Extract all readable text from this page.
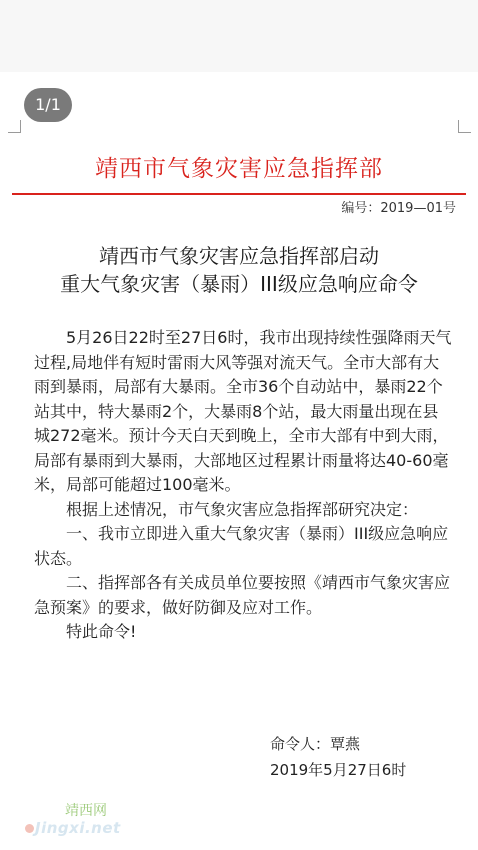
1/1
靖西市气象灾害应急指挥部
编号：2019—01号
靖西市气象灾害应急指挥部启动
重大气象灾害（暴雨）III级应急响应命令

5月26日22时至27日6时，我市出现持续性强降雨天气过程,局地伴有短时雷雨大风等强对流天气。全市大部有大雨到暴雨，局部有大暴雨。全市36个自动站中，暴雨22个站其中，特大暴雨2个，大暴雨8个站，最大雨量出现在县城272毫米。预计今天白天到晚上，全市大部有中到大雨，局部有暴雨到大暴雨，大部地区过程累计雨量将达40-60毫米，局部可能超过100毫米。

根据上述情况，市气象灾害应急指挥部研究决定：

一、我市立即进入重大气象灾害（暴雨）III级应急响应状态。

二、指挥部各有关成员单位要按照《靖西市气象灾害应急预案》的要求，做好防御及应对工作。

特此命令!

命令人：覃燕
2019年5月27日6时
靖西网
Jingxi.net
